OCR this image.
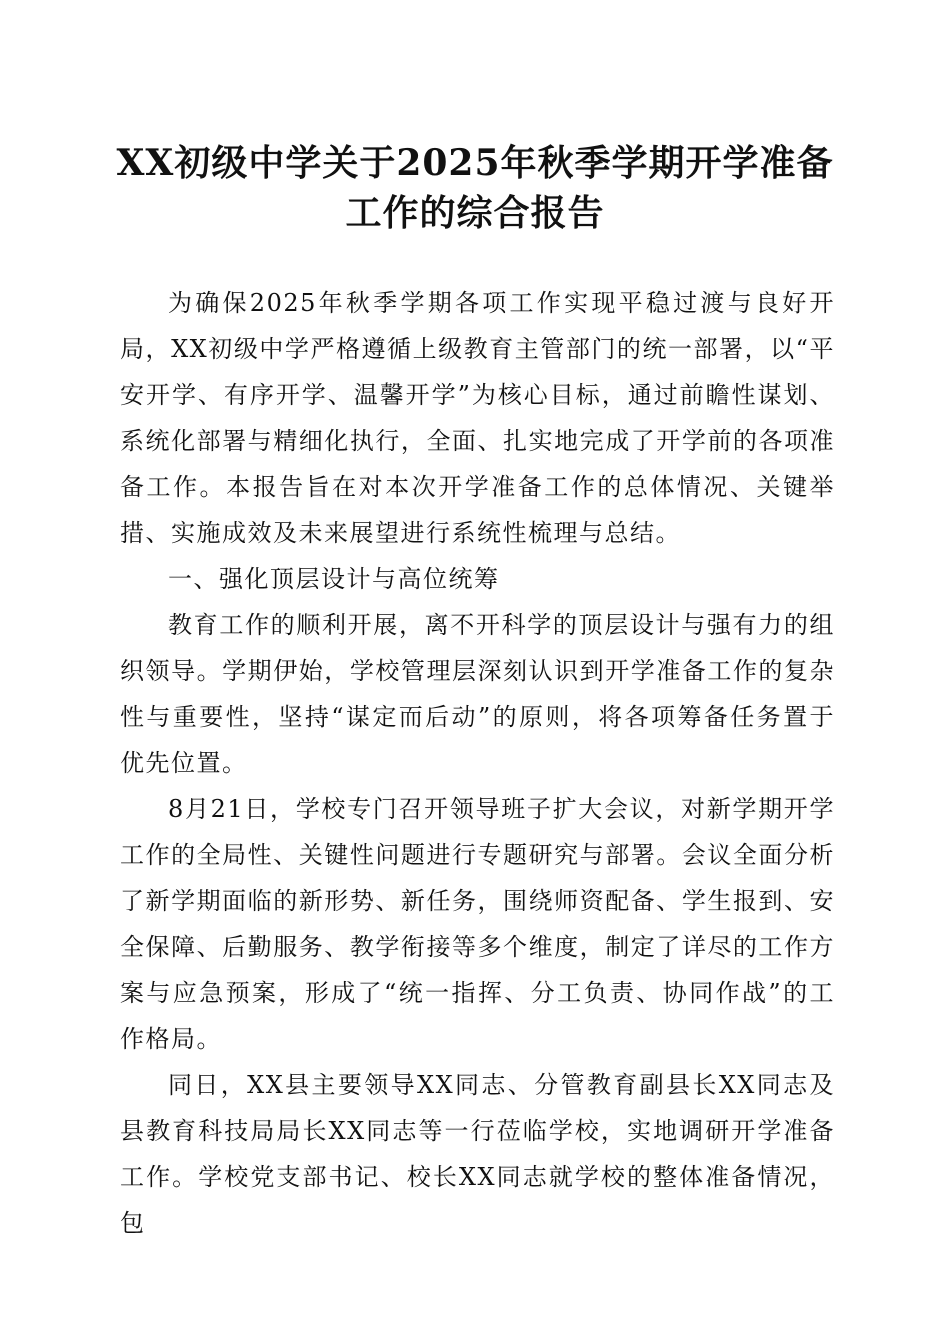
XX初级中学关于2025年秋季学期开学准备工作的综合报告

为确保2025年秋季学期各项工作实现平稳过渡与良好开局，XX初级中学严格遵循上级教育主管部门的统一部署，以“平安开学、有序开学、温馨开学”为核心目标，通过前瞻性谋划、系统化部署与精细化执行，全面、扎实地完成了开学前的各项准备工作。本报告旨在对本次开学准备工作的总体情况、关键举措、实施成效及未来展望进行系统性梳理与总结。

一、强化顶层设计与高位统筹

教育工作的顺利开展，离不开科学的顶层设计与强有力的组织领导。学期伊始，学校管理层深刻认识到开学准备工作的复杂性与重要性，坚持“谋定而后动”的原则，将各项筹备任务置于优先位置。

8月21日，学校专门召开领导班子扩大会议，对新学期开学工作的全局性、关键性问题进行专题研究与部署。会议全面分析了新学期面临的新形势、新任务，围绕师资配备、学生报到、安全保障、后勤服务、教学衔接等多个维度，制定了详尽的工作方案与应急预案，形成了“统一指挥、分工负责、协同作战”的工作格局。

同日，XX县主要领导XX同志、分管教育副县长XX同志及县教育科技局局长XX同志等一行莅临学校，实地调研开学准备工作。学校党支部书记、校长XX同志就学校的整体准备情况，包
